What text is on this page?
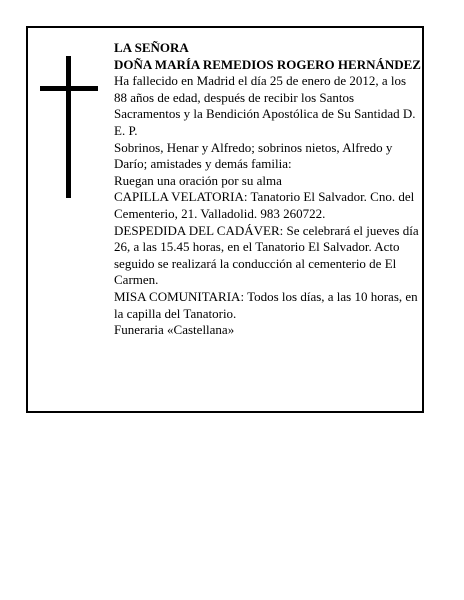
LA SEÑORA

DOÑA MARÍA REMEDIOS ROGERO HERNÁNDEZ

Ha fallecido en Madrid el día 25 de enero de 2012, a los 88 años de edad, después de recibir los Santos Sacramentos y la Bendición Apostólica de Su Santidad D. E. P.

Sobrinos, Henar y Alfredo; sobrinos nietos, Alfredo y Darío; amistades y demás familia:

Ruegan una oración por su alma

CAPILLA VELATORIA: Tanatorio El Salvador. Cno. del Cementerio, 21. Valladolid. 983 260722.

DESPEDIDA DEL CADÁVER: Se celebrará el jueves día 26, a las 15.45 horas, en el Tanatorio El Salvador. Acto seguido se realizará la conducción al cementerio de El Carmen.

MISA COMUNITARIA: Todos los días, a las 10 horas, en la capilla del Tanatorio.

Funeraria «Castellana»
